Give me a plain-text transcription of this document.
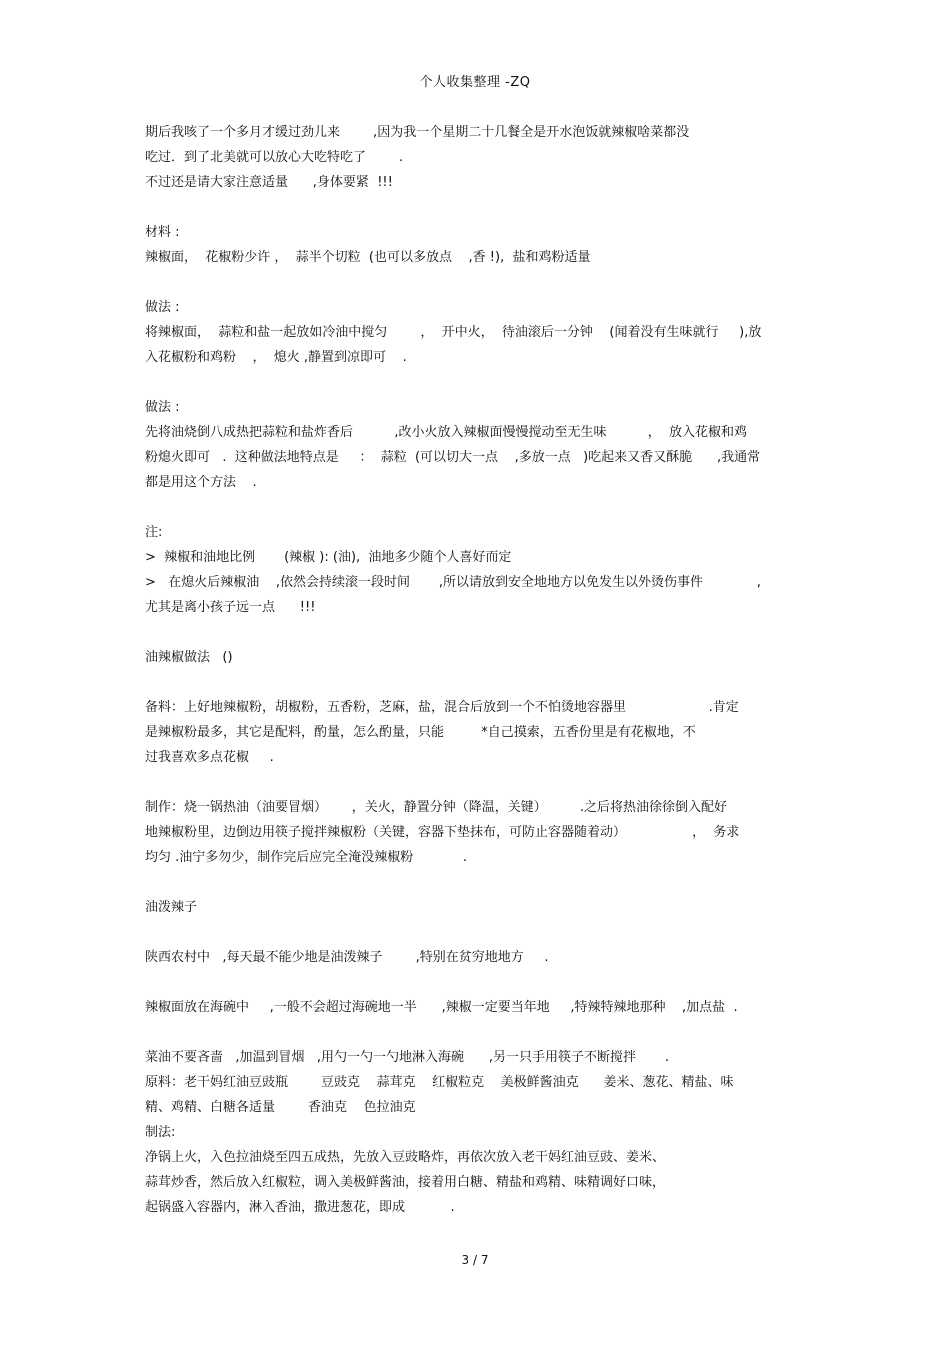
个人收集整理 -ZQ
期后我咳了一个多月才缓过劲儿来        ,因为我一个星期二十几餐全是开水泡饭就辣椒啥菜都没
吃过．到了北美就可以放心大吃特吃了        .
不过还是请大家注意适量      ,身体要紧  !!!
材料 :
辣椒面，  花椒粉少许 ，  蒜半个切粒  (也可以多放点    ,香 !),  盐和鸡粉适量
做法 :
将辣椒面，  蒜粒和盐一起放如冷油中搅匀        ，  开中火，  待油滚后一分钟    (闻着没有生味就行     ),放
入花椒粉和鸡粉    ，  熄火 ,静置到凉即可    .
做法 :
先将油烧倒八成热把蒜粒和盐炸香后          ,改小火放入辣椒面慢慢搅动至无生味          ，  放入花椒和鸡
粉熄火即可   .  这种做法地特点是     ：  蒜粒  (可以切大一点    ,多放一点   )吃起来又香又酥脆      ,我通常
都是用这个方法    .
注:
>  辣椒和油地比例       (辣椒 ): (油),  油地多少随个人喜好而定
>   在熄火后辣椒油    ,依然会持续滚一段时间       ,所以请放到安全地地方以免发生以外烫伤事件             ,
尤其是离小孩子远一点      !!!
油辣椒做法   ()
备料：上好地辣椒粉，胡椒粉，五香粉，芝麻，盐，混合后放到一个不怕烫地容器里                    .肯定
是辣椒粉最多，其它是配料，酌量，怎么酌量，只能         *自己摸索，五香份里是有花椒地，不
过我喜欢多点花椒     .
制作：烧一锅热油（油要冒烟）      ，关火，静置分钟（降温，关键）        .之后将热油徐徐倒入配好
地辣椒粉里，边倒边用筷子搅拌辣椒粉（关键，容器下垫抹布，可防止容器随着动）                ，  务求
均匀 .油宁多勿少，制作完后应完全淹没辣椒粉            .
油泼辣子
陕西农村中   ,每天最不能少地是油泼辣子        ,特别在贫穷地地方     .
辣椒面放在海碗中     ,一般不会超过海碗地一半      ,辣椒一定要当年地     ,特辣特辣地那种    ,加点盐  .
菜油不要吝啬   ,加温到冒烟   ,用勺一勺一勺地淋入海碗      ,另一只手用筷子不断搅拌       .
原料：老干妈红油豆豉瓶        豆豉克    蒜茸克    红椒粒克    美极鲜酱油克      姜米、葱花、精盐、味
精、鸡精、白糖各适量        香油克    色拉油克
制法:
净锅上火，入色拉油烧至四五成热，先放入豆豉略炸，再依次放入老干妈红油豆豉、姜米、
蒜茸炒香，然后放入红椒粒，调入美极鲜酱油，接着用白糖、精盐和鸡精、味精调好口味，
起锅盛入容器内，淋入香油，撒进葱花，即成           .
3 / 7
